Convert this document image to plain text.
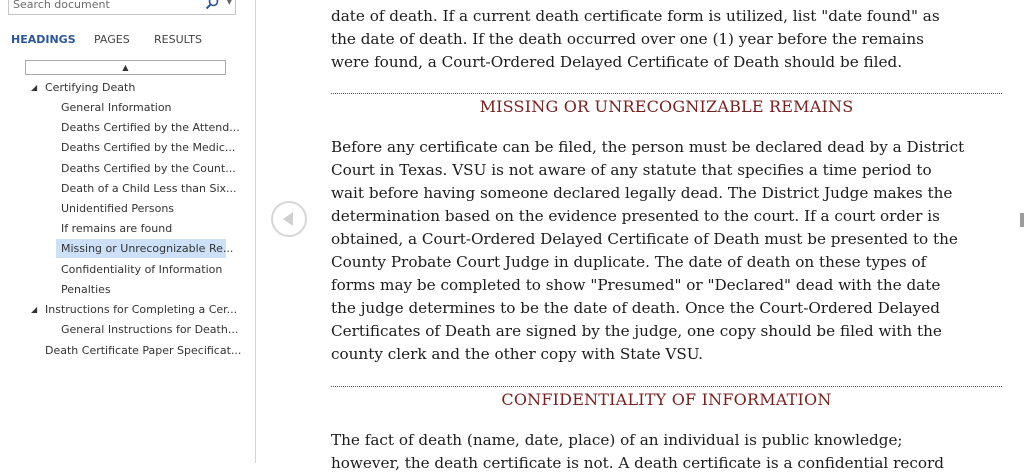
Search document
▼
HEADINGS PAGES RESULTS
▲
◢ Certifying Death
General Information
Deaths Certified by the Attend...
Deaths Certified by the Medic...
Deaths Certified by the Count...
Death of a Child Less than Six...
Unidentified Persons
If remains are found
Missing or Unrecognizable Re...
Confidentiality of Information
Penalties
◢ Instructions for Completing a Cer...
General Instructions for Death...
Death Certificate Paper Specificat...
date of death. If a current death certificate form is utilized, list "date found" as
the date of death. If the death occurred over one (1) year before the remains
were found, a Court-Ordered Delayed Certificate of Death should be filed.
MISSING OR UNRECOGNIZABLE REMAINS
Before any certificate can be filed, the person must be declared dead by a District
Court in Texas. VSU is not aware of any statute that specifies a time period to
wait before having someone declared legally dead. The District Judge makes the
determination based on the evidence presented to the court. If a court order is
obtained, a Court-Ordered Delayed Certificate of Death must be presented to the
County Probate Court Judge in duplicate. The date of death on these types of
forms may be completed to show "Presumed" or "Declared" dead with the date
the judge determines to be the date of death. Once the Court-Ordered Delayed
Certificates of Death are signed by the judge, one copy should be filed with the
county clerk and the other copy with State VSU.
CONFIDENTIALITY OF INFORMATION
The fact of death (name, date, place) of an individual is public knowledge;
however, the death certificate is not. A death certificate is a confidential record
